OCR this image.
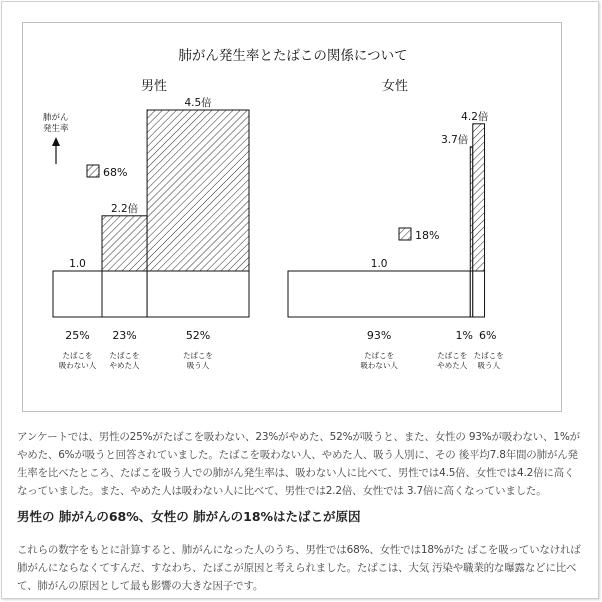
肺がん発生率とたばこの関係について
肺がん
発生率
男性
1.0
25%
たばこを
吸わない人
2.2倍
23%
たばこを
やめた人
4.5倍
52%
たばこを
吸う人
68%
女性
1.0
93%
たばこを
吸わない人
3.7倍
1%
たばこを
やめた人
4.2倍
6%
たばこを
吸う人
18%
アンケートでは、男性の25%がたばこを吸わない、23%がやめた、52%が吸うと、また、女性の 93%が吸わない、1%がやめた、6%が吸うと回答されていました。たばこを吸わない人、やめた人、吸う人別に、その 後平均7.8年間の肺がん発生率を比べたところ、たばこを吸う人での肺がん発生率は、吸わない人に比べて、男性では4.5倍、女性では4.2倍に高くなっていました。また、やめた人は吸わない人に比べて、男性では2.2倍、女性では 3.7倍に高くなっていました。
男性の 肺がんの68%、女性の 肺がんの18%はたばこが原因
これらの数字をもとに計算すると、肺がんになった人のうち、男性では68%、女性では18%がた ばこを吸っていなければ肺がんにならなくてすんだ、すなわち、たばこが原因と考えられました。たばこは、大気 汚染や職業的な曝露などに比べて、肺がんの原因として最も影響の大きな因子です。
